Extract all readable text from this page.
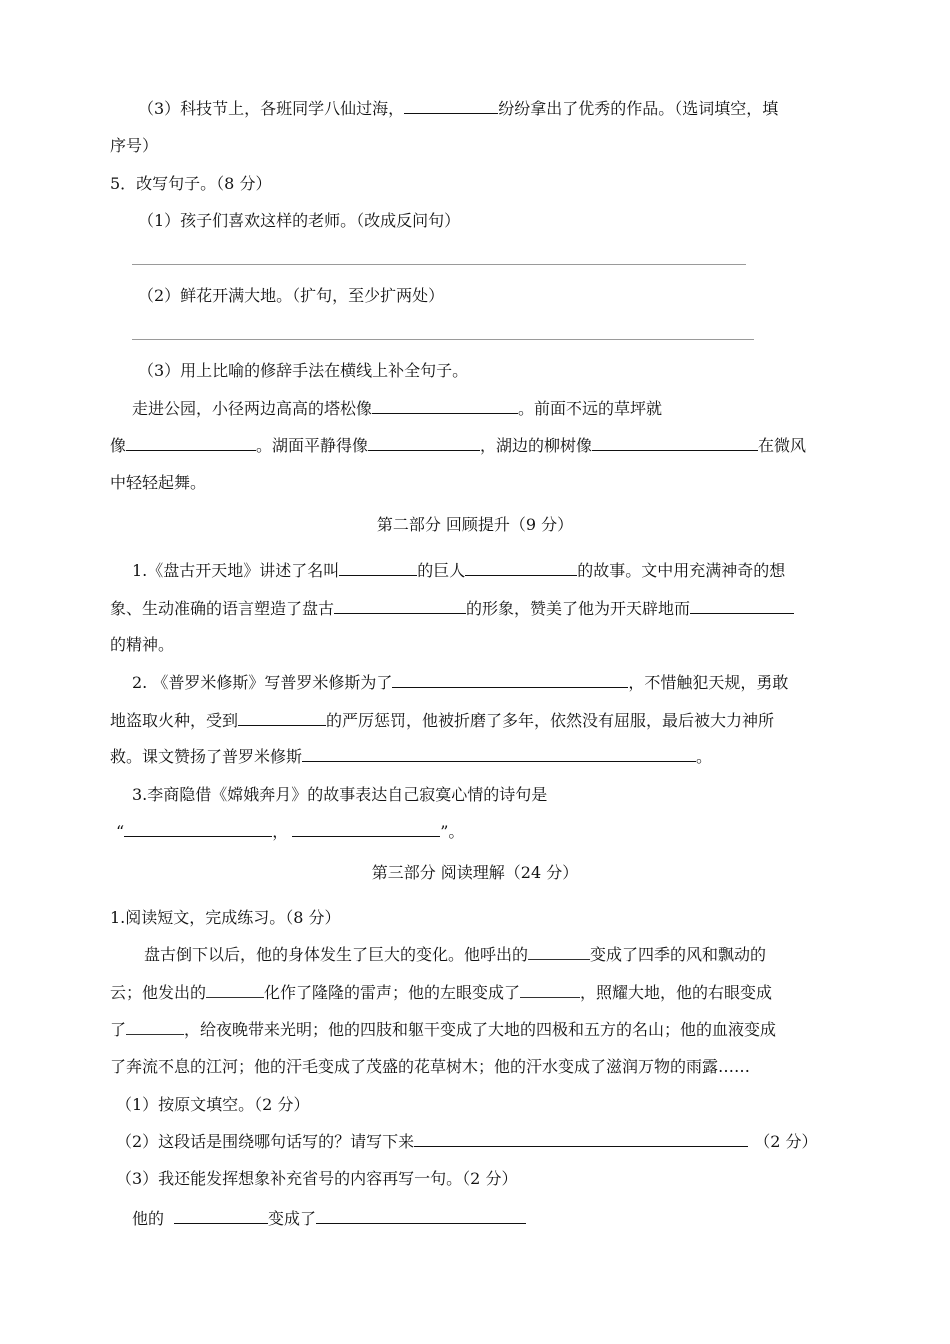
（3）科技节上，各班同学八仙过海，	纷纷拿出了优秀的作品。（选词填空，填
序号）
5．改写句子。（8 分）
（1）孩子们喜欢这样的老师。（改成反问句）
（2）鲜花开满大地。（扩句，至少扩两处）
（3）用上比喻的修辞手法在横线上补全句子。
走进公园，小径两边高高的塔松像	。前面不远的草坪就
像	。湖面平静得像	，湖边的柳树像	在微风
中轻轻起舞。
第二部分 回顾提升（9 分）
1.《盘古开天地》讲述了名叫	的巨人	的故事。文中用充满神奇的想
象、生动准确的语言塑造了盘古	的形象，赞美了他为开天辟地而
的精神。
2. 《普罗米修斯》写普罗米修斯为了	，不惜触犯天规，勇敢
地盗取火种，受到	的严厉惩罚，他被折磨了多年，依然没有屈服，最后被大力神所
救。课文赞扬了普罗米修斯	。
3.李商隐借《嫦娥奔月》的故事表达自己寂寞心情的诗句是
“	，	”。
第三部分 阅读理解（24 分）
1.阅读短文，完成练习。（8 分）
盘古倒下以后，他的身体发生了巨大的变化。他呼出的	变成了四季的风和飘动的
云；他发出的	化作了隆隆的雷声；他的左眼变成了	，照耀大地，他的右眼变成
了	，给夜晚带来光明；他的四肢和躯干变成了大地的四极和五方的名山；他的血液变成
了奔流不息的江河；他的汗毛变成了茂盛的花草树木；他的汗水变成了滋润万物的雨露……
（1）按原文填空。（2 分）
（2）这段话是围绕哪句话写的？请写下来	（2 分）
（3）我还能发挥想象补充省号的内容再写一句。（2 分）
他的	变成了
